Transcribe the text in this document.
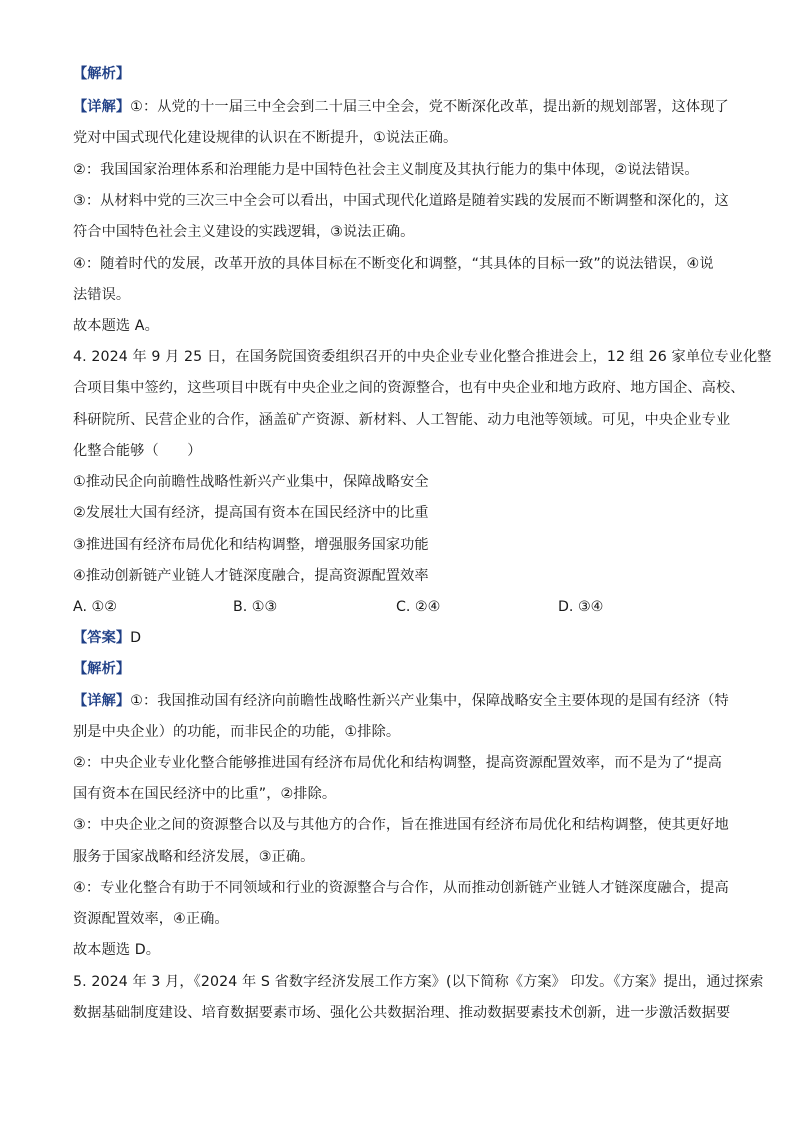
【解析】
【详解】①：从党的十一届三中全会到二十届三中全会，党不断深化改革，提出新的规划部署，这体现了
党对中国式现代化建设规律的认识在不断提升，①说法正确。
②：我国国家治理体系和治理能力是中国特色社会主义制度及其执行能力的集中体现，②说法错误。
③：从材料中党的三次三中全会可以看出，中国式现代化道路是随着实践的发展而不断调整和深化的，这
符合中国特色社会主义建设的实践逻辑，③说法正确。
④：随着时代的发展，改革开放的具体目标在不断变化和调整，“其具体的目标一致”的说法错误，④说
法错误。
故本题选 A。
4. 2024 年 9 月 25 日，在国务院国资委组织召开的中央企业专业化整合推进会上，12 组 26 家单位专业化整
合项目集中签约，这些项目中既有中央企业之间的资源整合，也有中央企业和地方政府、地方国企、高校、
科研院所、民营企业的合作，涵盖矿产资源、新材料、人工智能、动力电池等领域。可见，中央企业专业
化整合能够（　　）
①推动民企向前瞻性战略性新兴产业集中，保障战略安全
②发展壮大国有经济，提高国有资本在国民经济中的比重
③推进国有经济布局优化和结构调整，增强服务国家功能
④推动创新链产业链人才链深度融合，提高资源配置效率
A. ①②	B. ①③	C. ②④	D. ③④
【答案】D
【解析】
【详解】①：我国推动国有经济向前瞻性战略性新兴产业集中，保障战略安全主要体现的是国有经济（特
别是中央企业）的功能，而非民企的功能，①排除。
②：中央企业专业化整合能够推进国有经济布局优化和结构调整，提高资源配置效率，而不是为了“提高
国有资本在国民经济中的比重”，②排除。
③：中央企业之间的资源整合以及与其他方的合作，旨在推进国有经济布局优化和结构调整，使其更好地
服务于国家战略和经济发展，③正确。
④：专业化整合有助于不同领域和行业的资源整合与合作，从而推动创新链产业链人才链深度融合，提高
资源配置效率，④正确。
故本题选 D。
5. 2024 年 3 月，《2024 年 S 省数字经济发展工作方案》(以下简称《方案》 印发。《方案》提出，通过探索
数据基础制度建设、培育数据要素市场、强化公共数据治理、推动数据要素技术创新，进一步激活数据要
